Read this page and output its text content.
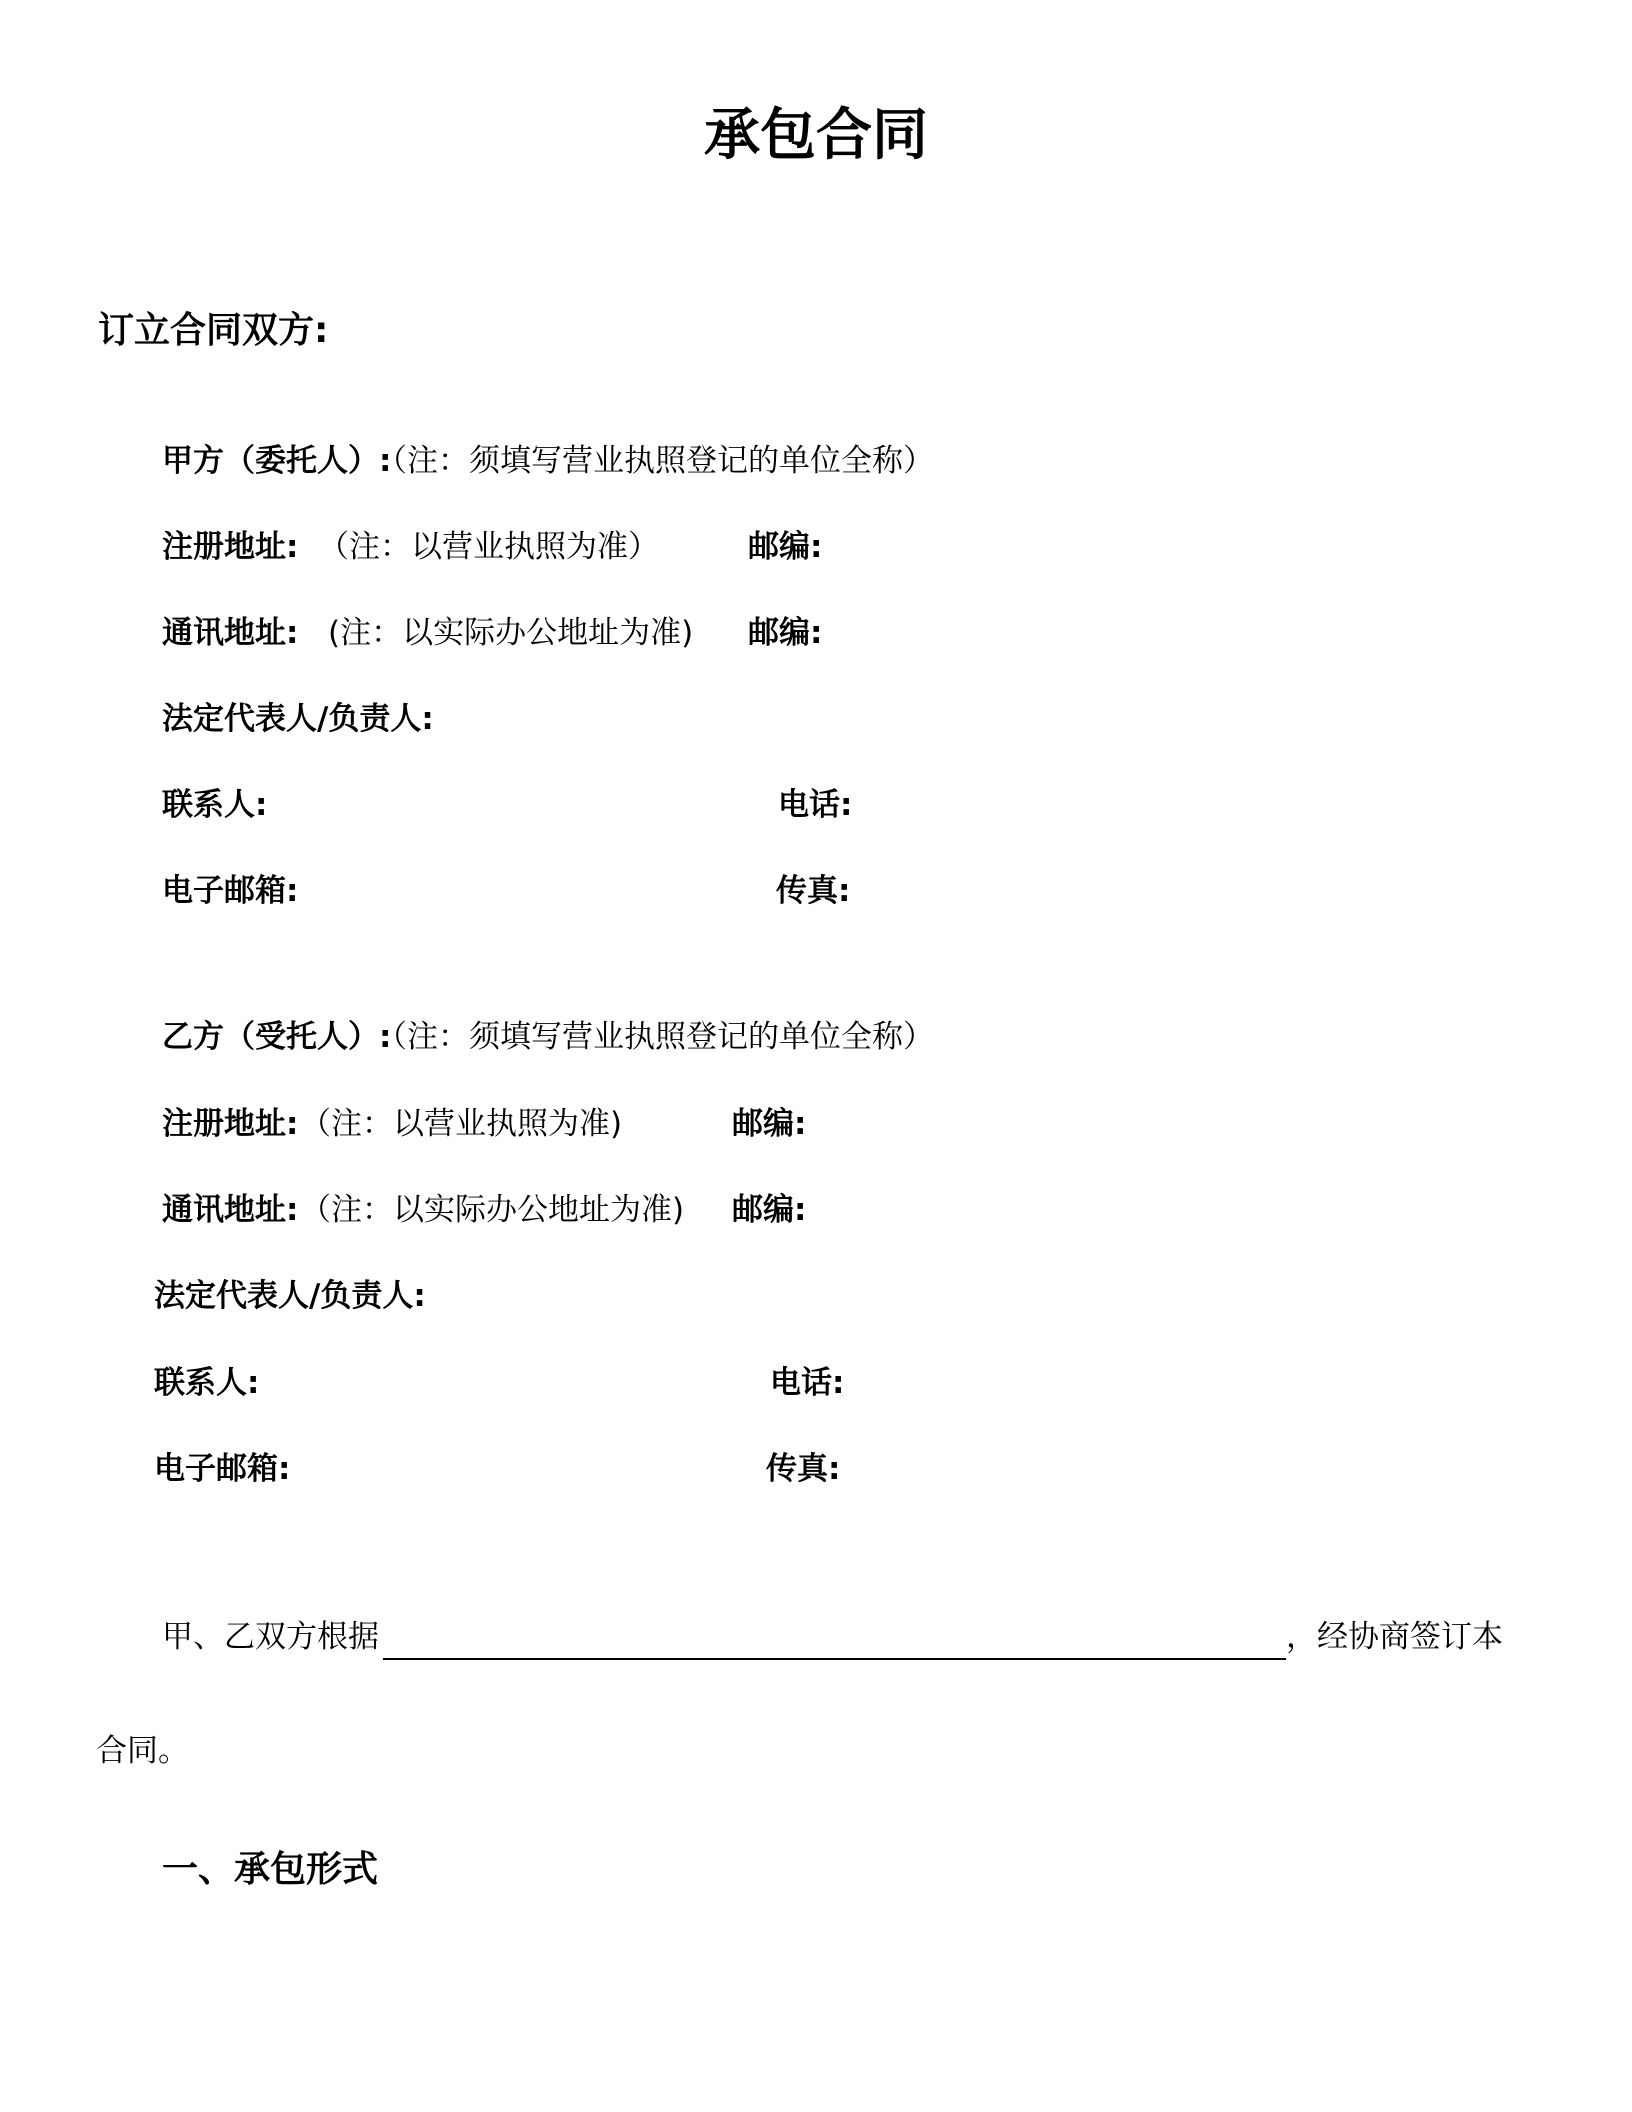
承包合同
订立合同双方:
甲方（委托人）:
（注：须填写营业执照登记的单位全称）
注册地址: （注：以营业执照为准）	邮编:
通讯地址: (注：以实际办公地址为准) 邮编:
法定代表人/负责人:
联系人:	电话:
电子邮箱:	传真:
乙方（受托人）:
（注：须填写营业执照登记的单位全称）
注册地址: （注：以营业执照为准)	邮编:
通讯地址: （注：以实际办公地址为准) 邮编:
法定代表人/负责人:
联系人:	电话:
电子邮箱:	传真:
甲、乙双方根据	，经协商签订本
合同。
一、承包形式
